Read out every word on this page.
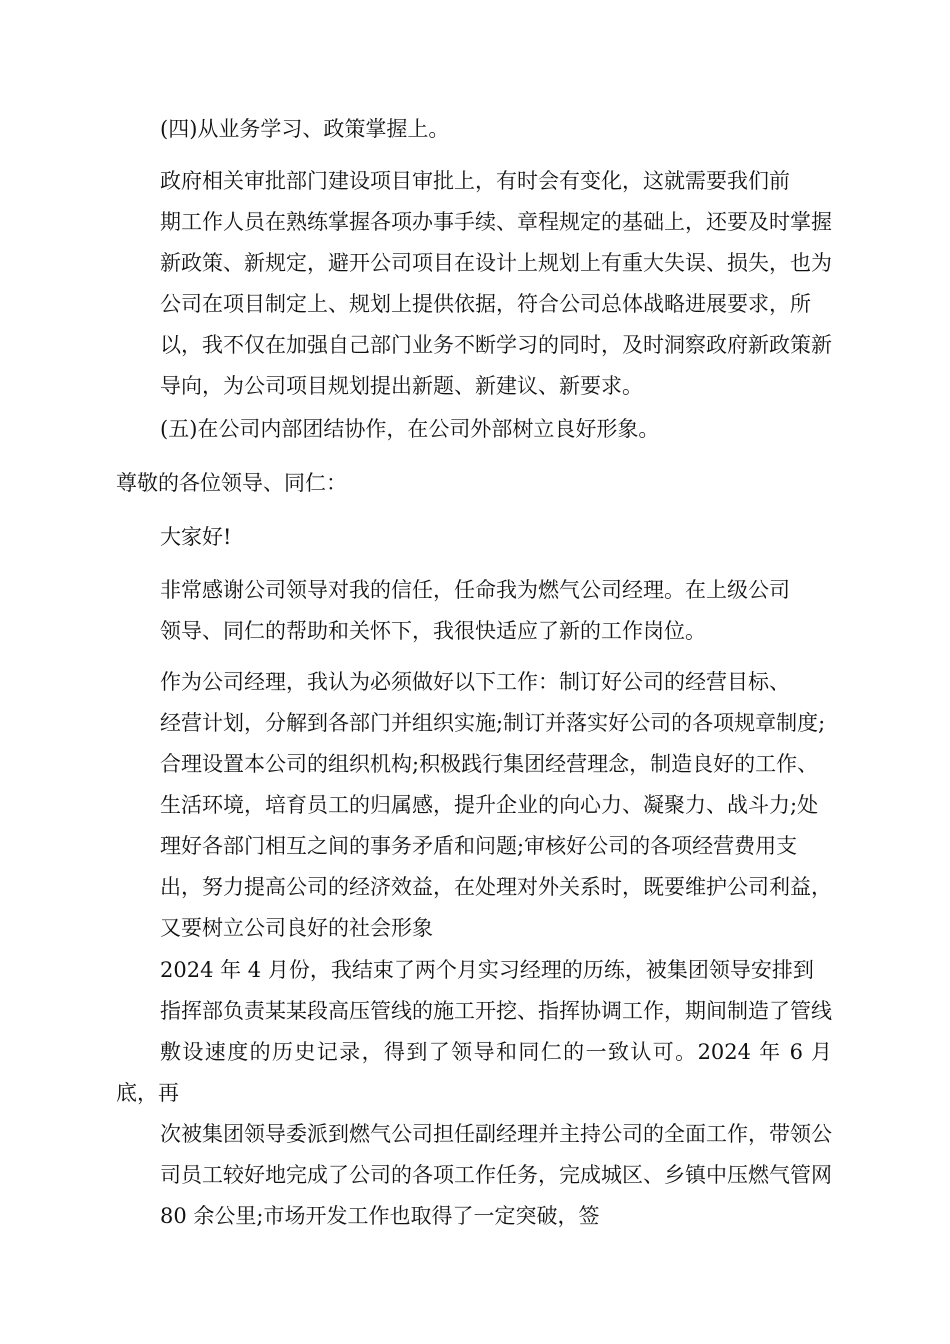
(四)从业务学习、政策掌握上。

政府相关审批部门建设项目审批上，有时会有变化，这就需要我们前
期工作人员在熟练掌握各项办事手续、章程规定的基础上，还要及时掌握
新政策、新规定，避开公司项目在设计上规划上有重大失误、损失，也为
公司在项目制定上、规划上提供依据，符合公司总体战略进展要求，所
以，我不仅在加强自己部门业务不断学习的同时，及时洞察政府新政策新
导向，为公司项目规划提出新题、新建议、新要求。

(五)在公司内部团结协作，在公司外部树立良好形象。

尊敬的各位领导、同仁：

大家好!

非常感谢公司领导对我的信任，任命我为燃气公司经理。在上级公司
领导、同仁的帮助和关怀下，我很快适应了新的工作岗位。

作为公司经理，我认为必须做好以下工作：制订好公司的经营目标、
经营计划，分解到各部门并组织实施;制订并落实好公司的各项规章制度;
合理设置本公司的组织机构;积极践行集团经营理念，制造良好的工作、
生活环境，培育员工的归属感，提升企业的向心力、凝聚力、战斗力;处
理好各部门相互之间的事务矛盾和问题;审核好公司的各项经营费用支
出，努力提高公司的经济效益，在处理对外关系时，既要维护公司利益，
又要树立公司良好的社会形象

2024 年 4 月份，我结束了两个月实习经理的历练，被集团领导安排到
指挥部负责某某段高压管线的施工开挖、指挥协调工作，期间制造了管线
敷设速度的历史记录，得到了领导和同仁的一致认可。2024 年 6 月底，再
次被集团领导委派到燃气公司担任副经理并主持公司的全面工作，带领公
司员工较好地完成了公司的各项工作任务，完成城区、乡镇中压燃气管网
80 余公里;市场开发工作也取得了一定突破，签
